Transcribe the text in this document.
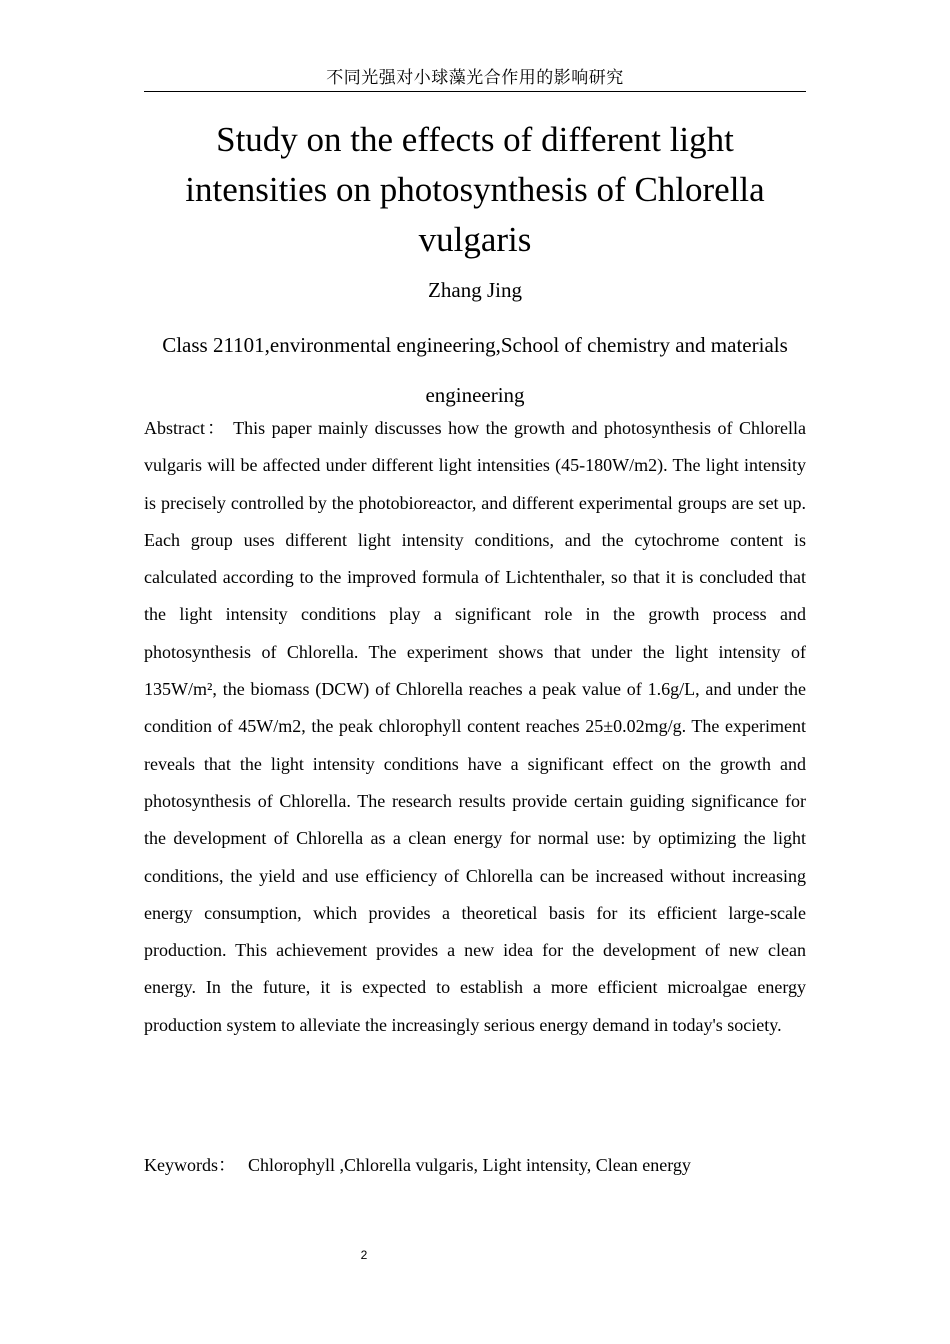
不同光强对小球藻光合作用的影响研究
Study on the effects of different light intensities on photosynthesis of Chlorella vulgaris
Zhang Jing
Class 21101,environmental engineering,School of chemistry and materials engineering

Abstract： This paper mainly discusses how the growth and photosynthesis of Chlorella vulgaris will be affected under different light intensities (45-180W/m2). The light intensity is precisely controlled by the photobioreactor, and different experimental groups are set up. Each group uses different light intensity conditions, and the cytochrome content is calculated according to the improved formula of Lichtenthaler, so that it is concluded that the light intensity conditions play a significant role in the growth process and photosynthesis of Chlorella. The experiment shows that under the light intensity of 135W/m², the biomass (DCW) of Chlorella reaches a peak value of 1.6g/L, and under the condition of 45W/m2, the peak chlorophyll content reaches 25±0.02mg/g. The experiment reveals that the light intensity conditions have a significant effect on the growth and photosynthesis of Chlorella. The research results provide certain guiding significance for the development of Chlorella as a clean energy for normal use: by optimizing the light conditions, the yield and use efficiency of Chlorella can be increased without increasing energy consumption, which provides a theoretical basis for its efficient large-scale production. This achievement provides a new idea for the development of new clean energy. In the future, it is expected to establish a more efficient microalgae energy production system to alleviate the increasingly serious energy demand in today's society.

Keywords： Chlorophyll ,Chlorella vulgaris, Light intensity, Clean energy
2
